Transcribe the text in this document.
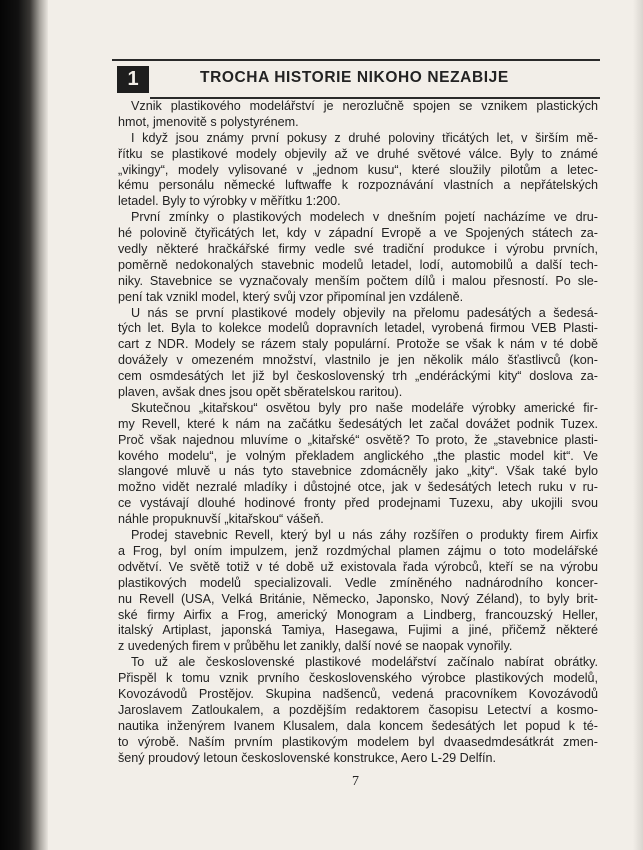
1	TROCHA HISTORIE NIKOHO NEZABIJE
Vznik plastikového modelářství je nerozlučně spojen se vznikem plastických
hmot, jmenovitě s polystyrénem.
I když jsou známy první pokusy z druhé poloviny třicátých let, v širším mě-
řítku se plastikové modely objevily až ve druhé světové válce. Byly to známé
„vikingy“, modely vylisované v „jednom kusu“, které sloužily pilotům a letec-
kému personálu německé luftwaffe k rozpoznávání vlastních a nepřátelských
letadel. Byly to výrobky v měřítku 1:200.
První zmínky o plastikových modelech v dnešním pojetí nacházíme ve dru-
hé polovině čtyřicátých let, kdy v západní Evropě a ve Spojených státech za-
vedly některé hračkářské firmy vedle své tradiční produkce i výrobu prvních,
poměrně nedokonalých stavebnic modelů letadel, lodí, automobilů a další tech-
niky. Stavebnice se vyznačovaly menším počtem dílů i malou přesností. Po sle-
pení tak vznikl model, který svůj vzor připomínal jen vzdáleně.
U nás se první plastikové modely objevily na přelomu padesátých a šedesá-
tých let. Byla to kolekce modelů dopravních letadel, vyrobená firmou VEB Plasti-
cart z NDR. Modely se rázem staly populární. Protože se však k nám v té době
dovážely v omezeném množství, vlastnilo je jen několik málo šťastlivců (kon-
cem osmdesátých let již byl československý trh „endéráckými kity“ doslova za-
plaven, avšak dnes jsou opět sběratelskou raritou).
Skutečnou „kitařskou“ osvětou byly pro naše modeláře výrobky americké fir-
my Revell, které k nám na začátku šedesátých let začal dovážet podnik Tuzex.
Proč však najednou mluvíme o „kitařské“ osvětě? To proto, že „stavebnice plasti-
kového modelu“, je volným překladem anglického „the plastic model kit“. Ve
slangové mluvě u nás tyto stavebnice zdomácněly jako „kity“. Však také bylo
možno vidět nezralé mladíky i důstojné otce, jak v šedesátých letech ruku v ru-
ce vystávají dlouhé hodinové fronty před prodejnami Tuzexu, aby ukojili svou
náhle propuknuvší „kitařskou“ vášeň.
Prodej stavebnic Revell, který byl u nás záhy rozšířen o produkty firem Airfix
a Frog, byl oním impulzem, jenž rozdmýchal plamen zájmu o toto modelářské
odvětví. Ve světě totiž v té době už existovala řada výrobců, kteří se na výrobu
plastikových modelů specializovali. Vedle zmíněného nadnárodního koncer-
nu Revell (USA, Velká Británie, Německo, Japonsko, Nový Zéland), to byly brit-
ské firmy Airfix a Frog, americký Monogram a Lindberg, francouzský Heller,
italský Artiplast, japonská Tamiya, Hasegawa, Fujimi a jiné, přičemž některé
z uvedených firem v průběhu let zanikly, další nové se naopak vynořily.
To už ale československé plastikové modelářství začínalo nabírat obrátky.
Přispěl k tomu vznik prvního československého výrobce plastikových modelů,
Kovozávodů Prostějov. Skupina nadšenců, vedená pracovníkem Kovozávodů
Jaroslavem Zatloukalem, a pozdějším redaktorem časopisu Letectví a kosmo-
nautika inženýrem Ivanem Klusalem, dala koncem šedesátých let popud k té-
to výrobě. Naším prvním plastikovým modelem byl dvaasedmdesátkrát zmen-
šený proudový letoun československé konstrukce, Aero L-29 Delfín.
7
